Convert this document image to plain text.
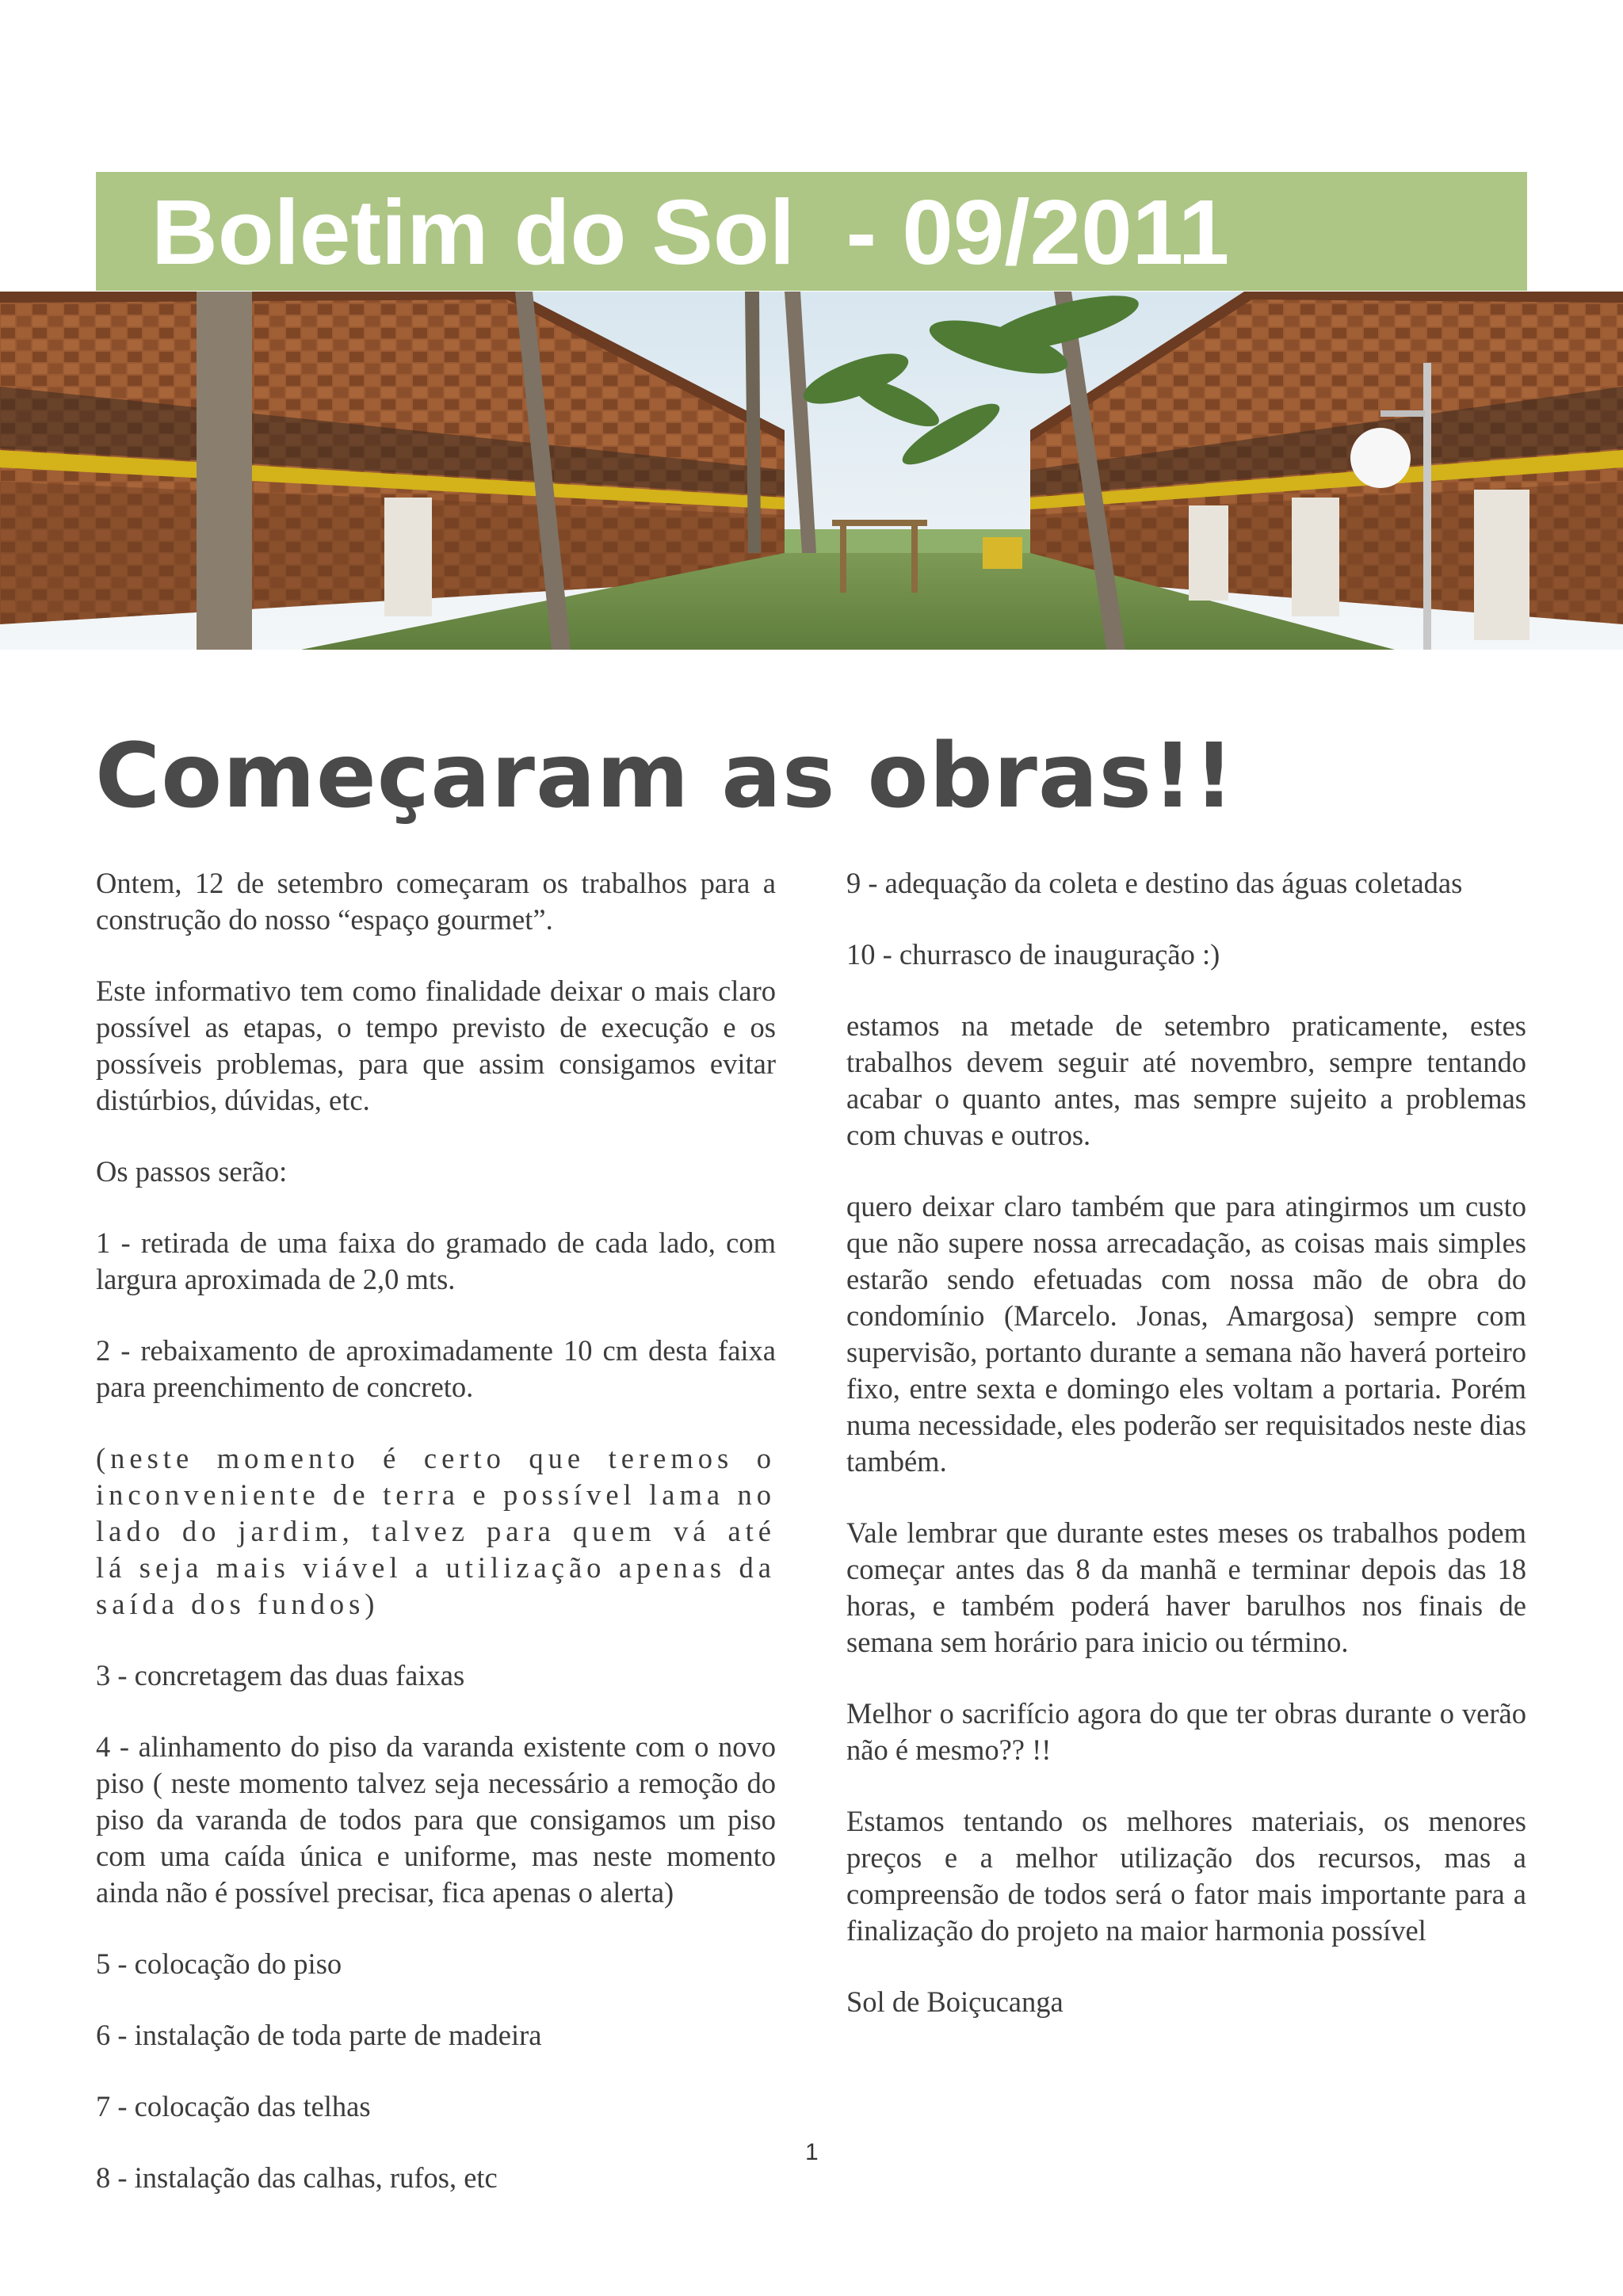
Boletim do Sol  - 09/2011
Começaram as obras!!

Ontem, 12 de setembro começaram os trabalhos para a construção do nosso “espaço gourmet”.

Este informativo tem como finalidade deixar o mais claro possível as etapas, o tempo previsto de execução e os possíveis problemas, para que assim consigamos evitar distúrbios, dúvidas, etc.

Os passos serão:

1 - retirada de uma faixa do gramado de cada lado, com largura aproximada de 2,0 mts.

2 - rebaixamento de aproximadamente 10 cm desta faixa para preenchimento de concreto.

(neste momento é certo que teremos o inconveniente de terra e possível lama no lado do jardim, talvez para quem vá até lá seja mais viável a utilização apenas da saída dos fundos)

3 - concretagem das duas faixas

4 - alinhamento do piso da varanda existente com o novo piso ( neste momento talvez seja necessário a remoção do piso da varanda de todos para que consigamos um piso com uma caída única e uniforme, mas neste momento ainda não é possível precisar, fica apenas o alerta)

5 - colocação do piso

6 - instalação de toda parte de madeira

7 - colocação das telhas

8 - instalação das calhas, rufos, etc

9 - adequação da coleta e destino das águas coletadas

10 - churrasco de inauguração :)

estamos na metade de setembro praticamente, estes trabalhos devem seguir até novembro, sempre tentando acabar o quanto antes, mas sempre sujeito a problemas com chuvas e outros.

quero deixar claro também que para atingirmos um custo que não supere nossa arrecadação, as coisas mais simples estarão sendo efetuadas com nossa mão de obra do condomínio (Marcelo. Jonas, Amargosa) sempre com supervisão, portanto durante a semana não haverá porteiro fixo, entre sexta e domingo eles voltam a portaria. Porém numa necessidade, eles poderão ser requisitados neste dias também.

Vale lembrar que durante estes meses os trabalhos podem começar antes das 8 da manhã e terminar depois das 18 horas, e também poderá haver barulhos nos finais de semana sem horário para inicio ou término.

Melhor o sacrifício agora do que ter obras durante o verão não é mesmo?? !!

Estamos tentando os melhores materiais, os menores preços e a melhor utilização dos recursos, mas a compreensão de todos será o fator mais importante para a finalização do projeto na maior harmonia possível

Sol de Boiçucanga

1
